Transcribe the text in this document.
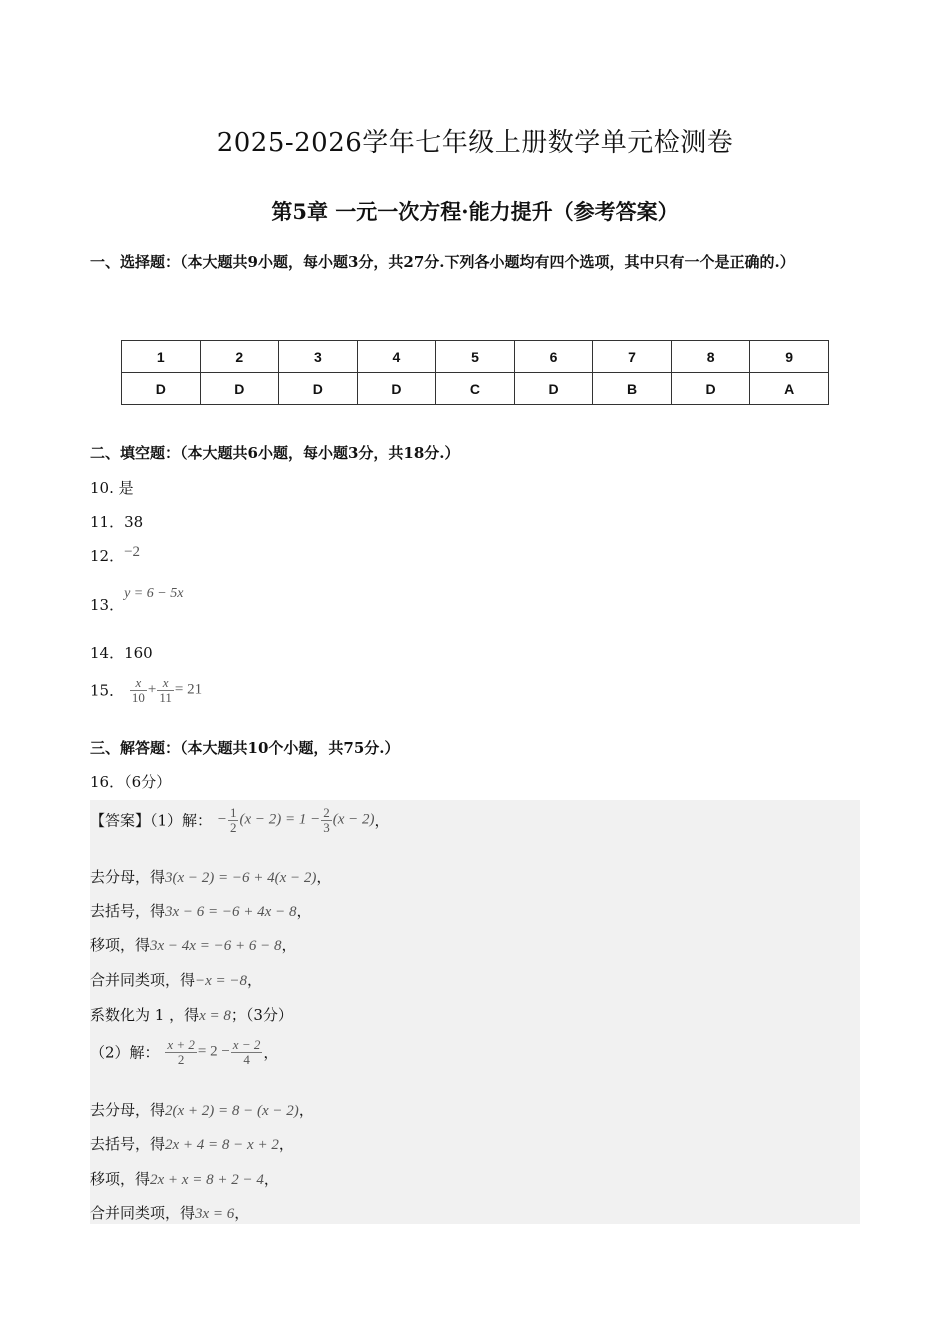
2025-2026学年七年级上册数学单元检测卷
第5章 一元一次方程·能力提升（参考答案）
一、选择题：（本大题共9小题，每小题3分，共27分.下列各小题均有四个选项，其中只有一个是正确的.）
1	2	3	4	5	6	7	8	9
D	D	D	D	C	D	B	D	A
二、填空题：（本大题共6小题，每小题3分，共18分.）
10. 是
11．38
12．−2
13．y = 6 − 5x
14．160
15． $\frac{x}{10} + \frac{x}{11} = 21$
三、解答题：（本大题共10个小题，共75分.）
16．（6分）
【答案】（1）解： − $\frac{1}{2} (x - 2) = 1 - \frac{2}{3} (x - 2)$，
去分母，得3(x − 2) = −6 + 4(x − 2)，
去括号，得3x − 6 = −6 + 4x − 8，
移项，得3x − 4x = −6 + 6 − 8，
合并同类项，得−x = −8，
系数化为 1 ，得x = 8；（3分）
（2）解： $\frac{x + 2}{2} = 2 - \frac{x - 2}{4}$ ，
去分母，得2(x + 2) = 8 − (x − 2)，
去括号，得2x + 4 = 8 − x + 2，
移项，得2x + x = 8 + 2 − 4，
合并同类项，得3x = 6，
